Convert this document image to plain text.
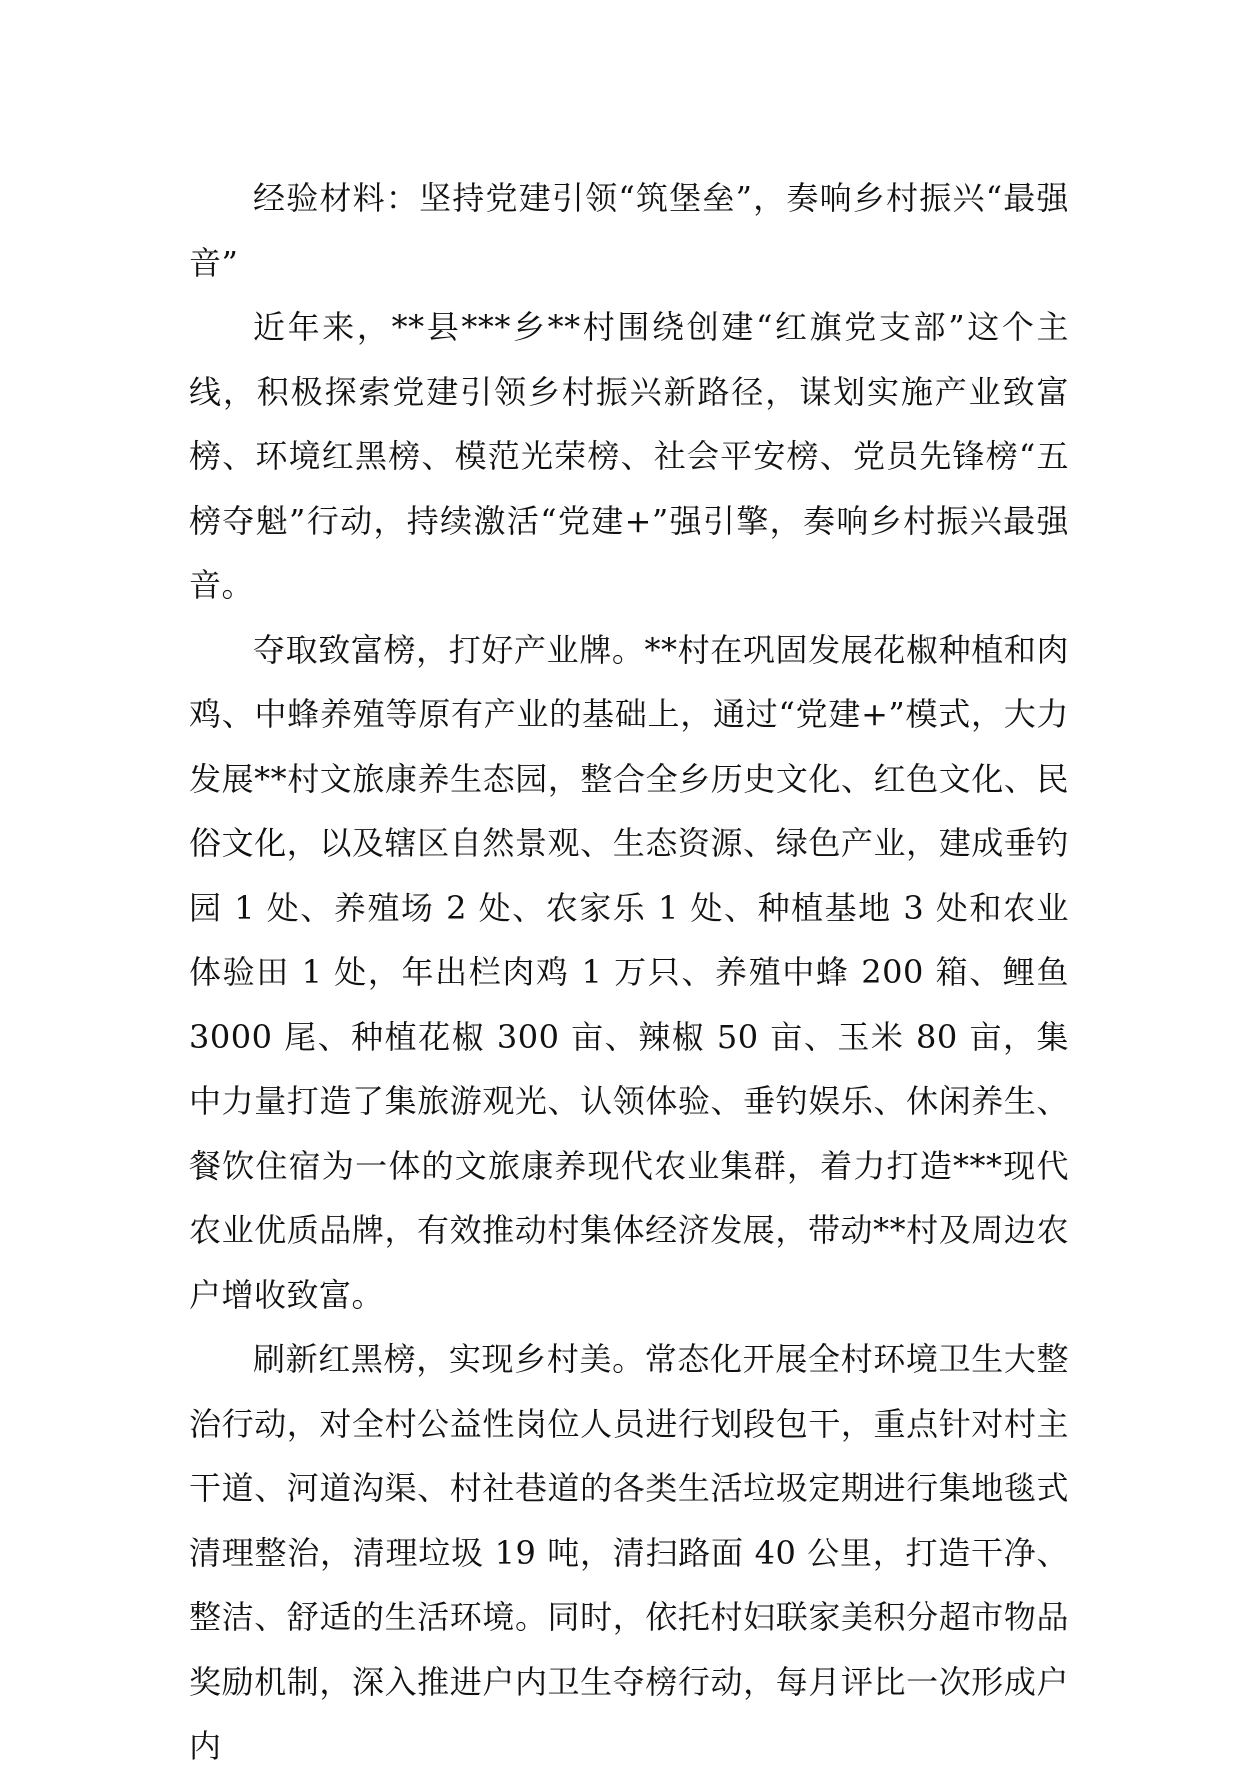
经验材料：坚持党建引领“筑堡垒”，奏响乡村振兴“最强音”

近年来，**县***乡**村围绕创建“红旗党支部”这个主线，积极探索党建引领乡村振兴新路径，谋划实施产业致富榜、环境红黑榜、模范光荣榜、社会平安榜、党员先锋榜“五榜夺魁”行动，持续激活“党建+”强引擎，奏响乡村振兴最强音。

夺取致富榜，打好产业牌。**村在巩固发展花椒种植和肉鸡、中蜂养殖等原有产业的基础上，通过“党建+”模式，大力发展**村文旅康养生态园，整合全乡历史文化、红色文化、民俗文化，以及辖区自然景观、生态资源、绿色产业，建成垂钓园 1 处、养殖场 2 处、农家乐 1 处、种植基地 3 处和农业体验田 1 处，年出栏肉鸡 1 万只、养殖中蜂 200 箱、鲤鱼 3000 尾、种植花椒 300 亩、辣椒 50 亩、玉米 80 亩，集中力量打造了集旅游观光、认领体验、垂钓娱乐、休闲养生、餐饮住宿为一体的文旅康养现代农业集群，着力打造***现代农业优质品牌，有效推动村集体经济发展，带动**村及周边农户增收致富。

刷新红黑榜，实现乡村美。常态化开展全村环境卫生大整治行动，对全村公益性岗位人员进行划段包干，重点针对村主干道、河道沟渠、村社巷道的各类生活垃圾定期进行集地毯式清理整治，清理垃圾 19 吨，清扫路面 40 公里，打造干净、整洁、舒适的生活环境。同时，依托村妇联家美积分超市物品奖励机制，深入推进户内卫生夺榜行动，每月评比一次形成户内
